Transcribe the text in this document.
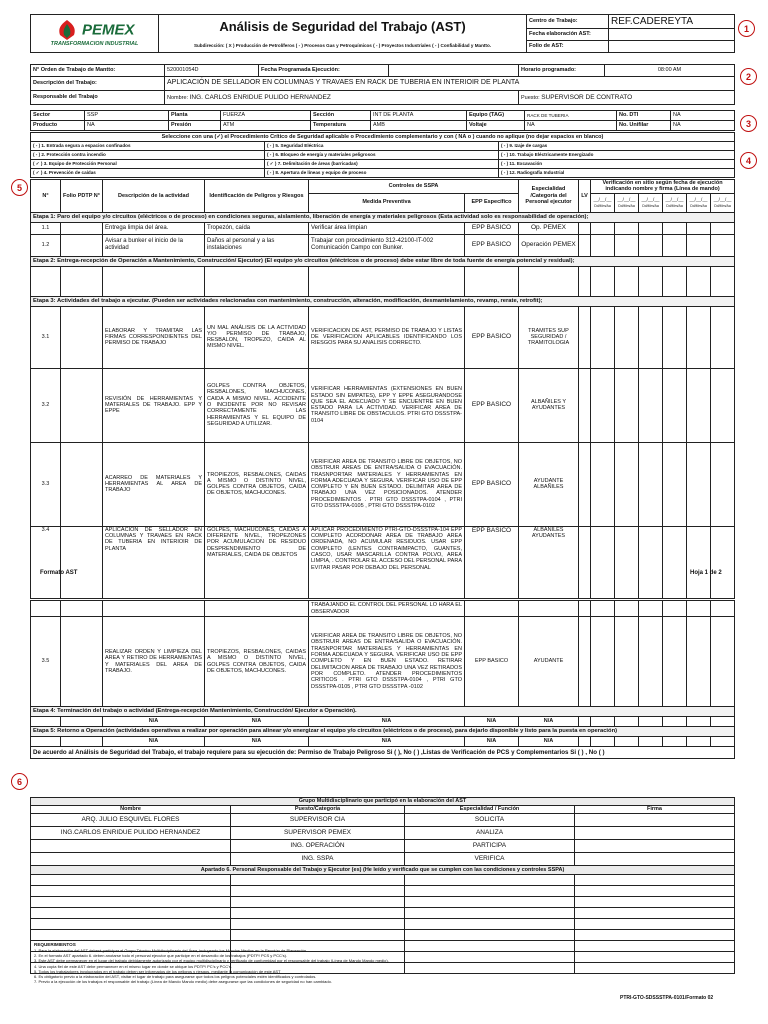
PEMEX
TRANSFORMACION INDUSTRIAL	Análisis de Seguridad del Trabajo (AST)	Centro de Trabajo:	REF.CADEREYTA
		Fecha elaboración AST:	
	Subdirección: ( X ) Producción de Petrolíferos ( - ) Procesos Gas y Petroquímicos ( - ) Proyectos Industriales ( - ) Confiabilidad y Mantto.	Folio de AST:	
N° Orden de Trabajo de Mantto:	520001054D	Fecha Programada Ejecución:		Horario programado:	08:00 AM
Descripción del Trabajo:	APLICACIÓN DE SELLADOR EN COLUMNAS Y TRAVAES EN RACK DE TUBERIA EN INTERIOIR DE PLANTA				
Responsable del Trabajo	Nombre: ING. CARLOS ENRIDUE PULIDO HERNANDEZ			Puesto: SUPERVISOR DE CONTRATO	
Sector	SSP	Planta	FUERZA	Sección	INT DE PLANTA	Equipo (TAG)	RACK DE TUBERIA	No. DTI	NA
Producto	NA	Presión	ATM	Temperatura	AMB	Voltaje	NA	No. Unifilar	NA
Seleccione con una (✓) el Procedimiento Crítico de Seguridad aplicable o Procedimiento complementario y con ( NA o ) cuando no aplique (no dejar espacios en blanco)		
( - ) 1. Entrada segura a espacios confinados	( - ) 5. Seguridad Eléctrica	( - ) 9. Izaje de cargas
( - ) 2. Protección contra incendio	( - ) 6. Bloqueo de energía y materiales peligrosos	( - ) 10. Trabajo Eléctricamente Energizado
( ✓ ) 3. Equipo de Protección Personal	( ✓ ) 7. Delimitación de áreas (barricadas)	( - ) 11. Excavación
( ✓ ) 4. Prevención de caídas	( - ) 8. Apertura de líneas y equipo de proceso	( - ) 12. Radiografía Industrial
N°	Folio PDTP N°	Descripción de la actividad	Identificación de Peligros y Riesgos	Controles de SSPA		Especialidad /Categoría del Personal ejecutor	LV	Verificación en sitio según fecha de ejecución indicando nombre y firma (Línea de mando)					
				Medida Preventiva	EPP Específico			__/__/__
Dd/Mm/Aa	__/__/__
Dd/Mm/Aa	__/__/__
Dd/Mm/Aa	__/__/__
Dd/Mm/Aa	__/__/__
Dd/Mm/Aa	__/__/__
Dd/Mm/Aa
Etapa 1: Paro del equipo y/o circuitos (eléctricos o de proceso) en condiciones seguras, aislamiento, liberación de energía y materiales peligrosos (Esta actividad solo es responsabilidad de operación);													
1.1		Entrega limpia del área.	Tropezón, caída	Verificar área limpian	EPP BASICO	Op. PEMEX							
1.2		Avisar a bunker el inicio de la actividad	Daños al personal y a las instalaciones	Trabajar con procedimiento 312-42100-IT-002 Comunicación Campo con Bunker.	EPP BASICO	Operación PEMEX							
Etapa 2: Entrega-recepción de Operación a Mantenimiento, Construcción/ Ejecutor) (El equipo y/o circuitos (eléctricos o de proceso) debe estar libre de toda fuente de energía potencial y residual);													

Etapa 3: Actividades del trabajo a ejecutar. (Pueden ser actividades relacionadas con mantenimiento, construcción, alteración, modificación, desmantelamiento, revamp, rerate, retrofit);													
3.1		ELABORAR Y TRAMITAR LAS FIRMAS CORRESPONDIENTES DEL PERMISO DE TRABAJO	UN MAL ANÁLISIS DE LA ACTIVIDAD Y/O PERMISO DE TRABAJO, RESBALON, TROPEZO, CAIDA AL MISMO NIVEL.	VERIFICACION DE AST, PERMISO DE TRABAJO Y LISTAS DE VERIFICACION APLICABLES IDENTIFICANDO LOS RIESGOS PARA SU ANALISIS CORRECTO.	EPP BASICO	TRAMITES SUP SEGURIDAD / TRAMITOLOGIA							
3.2		REVISIÓN DE HERRAMIENTAS Y MATERIALES DE TRABAJO. EPP Y EPPE	GOLPES CONTRA OBJETOS, RESBALONES, MACHUCONES, CAIDA A MISMO NIVEL. ACCIDENTE O INCIDENTE POR NO REVISAR CORRECTAMENTE LAS HERRAMIENTAS Y EL EQUIPO DE SEGURIDAD A UTILIZAR.	VERIFICAR HERRAMIENTAS (EXTENSIONES EN BUEN ESTADO SIN EMPATES), EPP Y EPPE ASEGURANDOSE QUE SEA EL ADECUADO Y SE ENCUENTRE EN BUEN ESTADO PARA LA ACTIVIDAD. VERIFICAR AREA DE TRANSITO LIBRE DE OBSTACULOS. PTRI GTO DSSSTPA-0104	EPP BASICO	ALBAÑILES Y AYUDANTES							
3.3		ACARREO DE MATERIALES Y HERRAMIENTAS AL AREA DE TRABAJO	TROPIEZOS, RESBALONES, CAIDAS A MISMO O DISTINTO NIVEL, GOLPES CONTRA OBJETOS, CAIDA DE OBJETOS, MACHUCONES.	VERIFICAR AREA DE TRANSITO LIBRE DE OBJETOS, NO OBSTRUIR AREAS DE ENTRA/SALIDA O EVACUACIÓN. TRASNPORTAR MATERIALES Y HERRAMIENTAS EN FORMA ADECUADA Y SEGURA. VERIFICAR USO DE EPP COMPLETO Y EN BUEN ESTADO. DELIMITAR AREA DE TRABAJO UNA VEZ POSICIONADOS. ATENDER PROCEDIMIENTOS . PTRI GTO DSSSTPA-0104 , PTRI GTO DSSSTPA-0105 , PTRI GTO DSSSTPA-0102	EPP BASICO	AYUDANTE ALBAÑILES							
3.4		APLICACION DE SELLADOR EN COLUMNAS Y TRAVAES EN RACK DE TUBERIA EN INTERIOIR DE PLANTA	GOLPES, MACHUCONES, CAIDAS A DIFERENTE NIVEL, TROPEZONES POR ACUMULACION DE RESIDUO DESPRENDIMIENTO DE MATERIALES, CAIDA DE OBJETOS	APLICAR PROCEDIMIENTO PTRI-GTO-DSSSTPA-104 EPP COMPLETO ACORDONAR AREA DE TRABAJO AREA ORDENADA, NO ACUMULAR RESIDUOS. USAR EPP COMPLETO (LENTES CONTRAIMPACTO, GUANTES, CASCO, USAR MASCARILLA CONTRA POLVO, AREA LIMPIA, . CONTROLAR EL ACCESO DEL PERSONAL PARA EVITAR PASAR POR DEBAJO DEL PERSONAL	EPP BASICO	ALBAÑILES AYUDANTES							
Formato AST	Hoja 1 de 2
				TRABAJANDO EL CONTROL DEL PERSONAL LO HARA EL OBSERVADOR									
3.5		REALIZAR ORDEN Y LIMPIEZA DEL AREA Y RETIRO DE HERRAMIENTAS Y MATERIALES DEL AREA DE TRABAJO.	TROPIEZOS, RESBALONES, CAIDAS A MISMO O DISTINTO NIVEL, GOLPES CONTRA OBJETOS, CAIDA DE OBJETOS, MACHUCONES.	VERIFICAR AREA DE TRANSITO LIBRE DE OBJETOS, NO OBSTRUIR AREAS DE ENTRA/SALIDA O EVACUACIÓN. TRASNPORTAR MATERIALES Y HERRAMIENTAS EN FORMA ADECUADA Y SEGURA. VERIFICAR USO DE EPP COMPLETO Y EN BUEN ESTADO. RETIRAR DELIMITACION AREA DE TRABAJO UNA VEZ RETIRADOS POR COMPLETO. ATENDER PROCEDIMIENTOS CRITICOS . PTRI GTO DSSSTPA-0104 , PTRI GTO DSSSTPA-0105 , PTRI GTO DSSSTPA -0102	EPP BASICO	AYUDANTE							
Etapa 4: Terminación del trabajo o actividad (Entrega-recepción Mantenimiento, Construcción/ Ejecutor a Operación).													
		N/A	N/A	N/A	N/A	N/A							
Etapa 5: Retorno a Operación (actividades operativas a realizar por operación para alinear y/o energizar el equipo y/o circuitos (eléctricos o de proceso), para dejarlo disponible y listo para la puesta en operación)													
		N/A	N/A	N/A	N/A	N/A							
De acuerdo al Análisis de Seguridad del Trabajo, el trabajo requiere para su ejecución de: Permiso de Trabajo Peligroso Si ( ), No ( ) ,Listas de Verificación de PCS y Complementarios Si ( ) , No ( )													
Grupo Multidisciplinario que participó en la elaboración del AST			
Nombre	Puesto/Categoría	Especialidad / Función	Firma
ARQ. JULIO ESQUIVEL FLORES	SUPERVISOR CIA	SOLICITA	
ING.CARLOS ENRIDUE PULIDO HERNANDEZ	SUPERVISOR PEMEX	ANALIZA	
	ING. OPERACIÓN	PARTICIPA	
	ING. SSPA	VERIFICA	
Apartado 6. Personal Responsable del Trabajo y Ejecutor (es) (He leído y verificado que se cumplen con las condiciones y controles SSPA)			

REQUERIMIENTOS
1. Para la elaboración del AST deberá participar el Grupo Técnico Multidisciplinario del Área, incluyendo los Mandos Medios en la Reunión de Planeación.
2. En el formato AST apartado 6. deben anotarse todo el personal ejecutor que participe en el desarrollo de los trabajos (PDTP/ PCS y PCC's).
3. Este AST debe permanecer en el lugar del trabajo debidamente autorizado por el equipo multidisciplinario y verificado de conformidad por el responsable del trabajo (Línea de Mando Mando medio).
4. Una copia fiel de este AST debe permanecer en el mismo lugar en donde se ubique los PDTP/ PC's y PCC's.
5. Todos los trabajadores involucrados en el trabajo deben ser informados de los peligros y riesgos, mediante la comunicación de este AST
6. Es obligatorio previo a la elaboración del AST, visitar el lugar de trabajo para asegurarse que todos los peligros potenciales estén identificados y controlados.
7. Previo a la ejecución de los trabajos el responsable del trabajo (Línea de Mando Mando medio) debe asegurarse que las condiciones de seguridad no han cambiado.
PTRI-GTO-SDSSSTPA-0101/Formato 02
1
2
3
4
5
6
